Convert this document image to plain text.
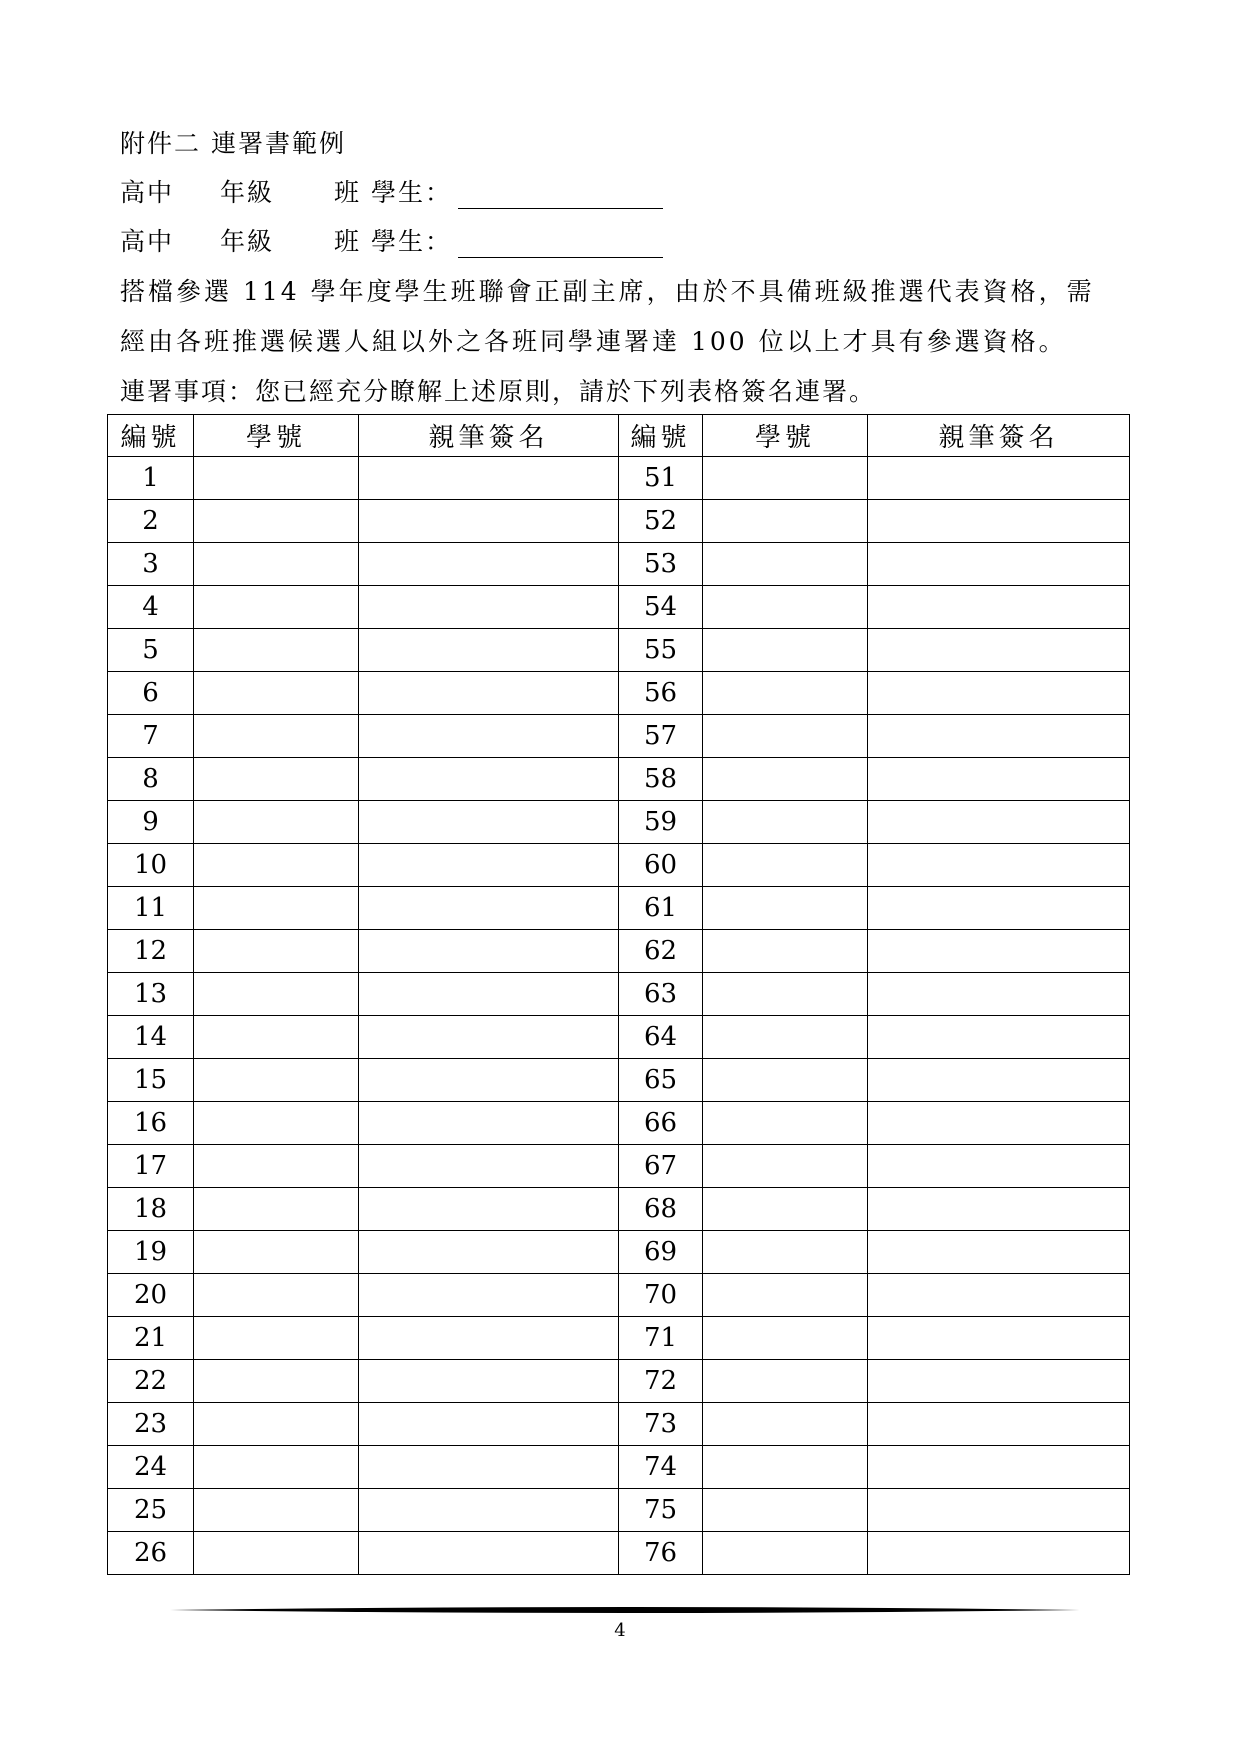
附件二 連署書範例
高中 年級 班 學生：
高中 年級 班 學生：
搭檔參選 114 學年度學生班聯會正副主席，由於不具備班級推選代表資格，需
經由各班推選候選人組以外之各班同學連署達 100 位以上才具有參選資格。
連署事項：您已經充分瞭解上述原則，請於下列表格簽名連署。
編號	學號	親筆簽名	編號	學號	親筆簽名
1			51		
2			52		
3			53		
4			54		
5			55		
6			56		
7			57		
8			58		
9			59		
10			60		
11			61		
12			62		
13			63		
14			64		
15			65		
16			66		
17			67		
18			68		
19			69		
20			70		
21			71		
22			72		
23			73		
24			74		
25			75		
26			76		
4
